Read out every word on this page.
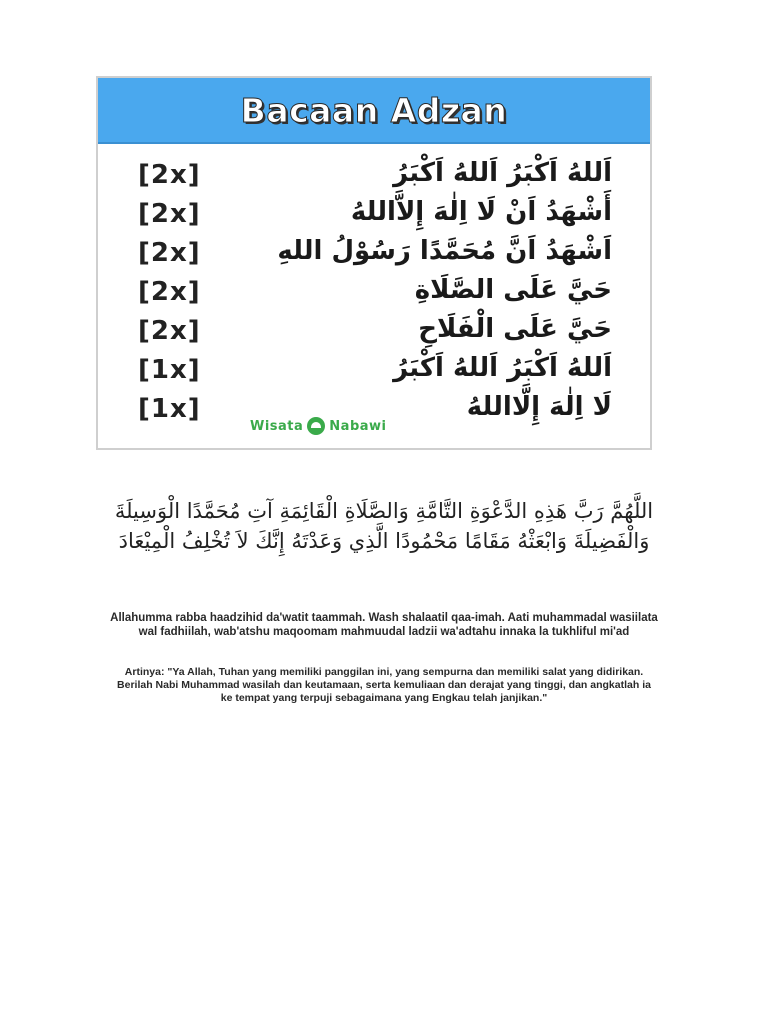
Bacaan Adzan
[2x]	اَللهُ اَكْبَرُ اَللهُ اَكْبَرُ
[2x]	أَشْهَدُ اَنْ لَا اِلٰهَ إِلاَّاللهُ
[2x]	اَشْهَدُ اَنَّ مُحَمَّدًا رَسُوْلُ اللهِ
[2x]	حَيَّ عَلَى الصَّلَاةِ
[2x]	حَيَّ عَلَى الْفَلَاحِ
[1x]	اَللهُ اَكْبَرُ اَللهُ اَكْبَرُ
[1x]	لَا اِلٰهَ إِلَّااللهُ
Wisata Nabawi
اللَّهُمَّ رَبَّ هَذِهِ الدَّعْوَةِ التَّامَّةِ وَالصَّلَاةِ الْقَائِمَةِ آتِ مُحَمَّدًا الْوَسِيلَةَ وَالْفَضِيلَةَ وَابْعَثْهُ مَقَامًا مَحْمُودًا الَّذِي وَعَدْتَهُ إِنَّكَ لاَ تُخْلِفُ الْمِيْعَادَ
Allahumma rabba haadzihid da'watit taammah. Wash shalaatil qaa-imah. Aati muhammadal wasiilata wal fadhiilah, wab'atshu maqoomam mahmuudal ladzii wa'adtahu innaka la tukhliful mi'ad
Artinya: "Ya Allah, Tuhan yang memiliki panggilan ini, yang sempurna dan memiliki salat yang didirikan. Berilah Nabi Muhammad wasilah dan keutamaan, serta kemuliaan dan derajat yang tinggi, dan angkatlah ia ke tempat yang terpuji sebagaimana yang Engkau telah janjikan."
